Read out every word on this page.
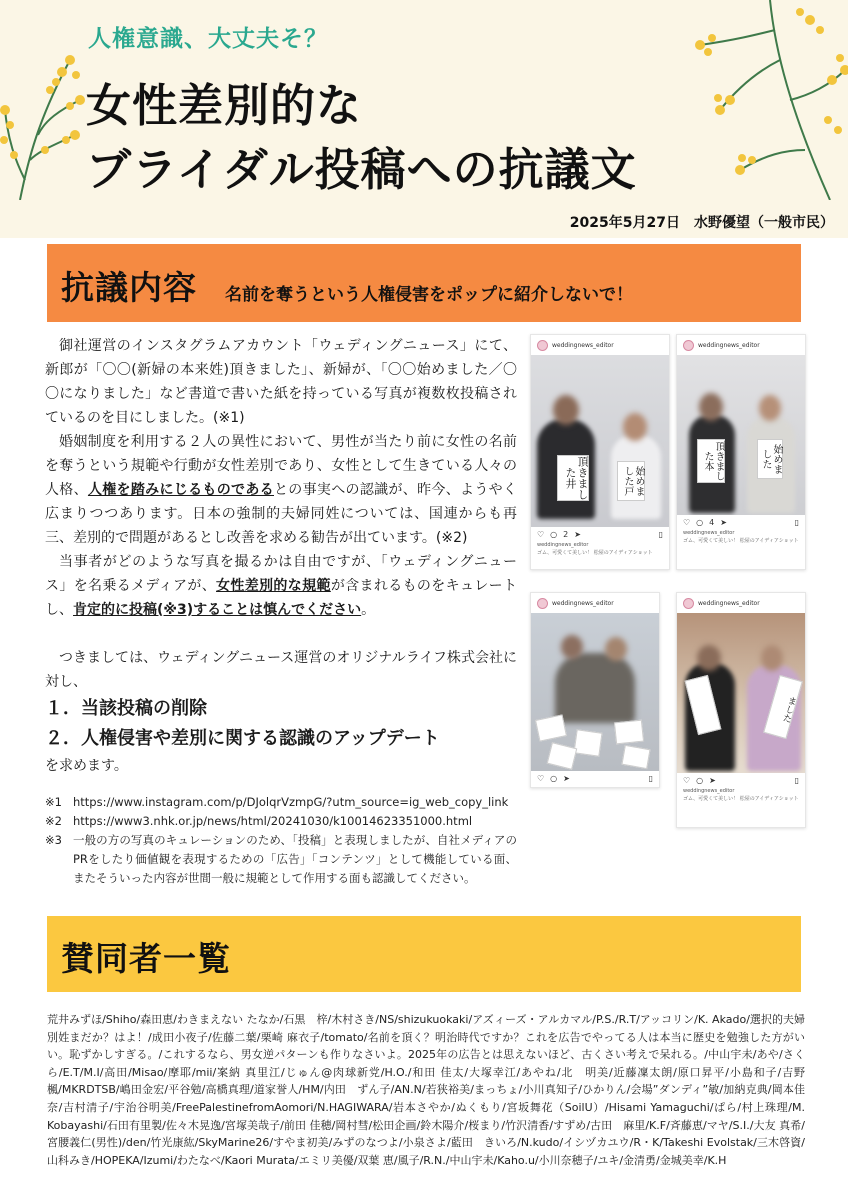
人権意識、大丈夫そ？
女性差別的な
ブライダル投稿への抗議文
2025年5月27日　水野優望（一般市民）
抗議内容 名前を奪うという人権侵害をポップに紹介しないで！

御社運営のインスタグラムアカウント「ウェディングニュース」にて、新郎が「〇〇(新婦の本来姓)頂きました」、新婦が、「〇〇始めました／〇〇になりました」など書道で書いた紙を持っている写真が複数枚投稿されているのを目にしました。(※1)

婚姻制度を利用する２人の異性において、男性が当たり前に女性の名前を奪うという規範や行動が女性差別であり、女性として生きている人々の人格、人権を踏みにじるものであるとの事実への認識が、昨今、ようやく広まりつつあります。日本の強制的夫婦同姓については、国連からも再三、差別的で問題があるとし改善を求める勧告が出ています。(※2)

当事者がどのような写真を撮るかは自由ですが、「ウェディングニュース」を名乗るメディアが、女性差別的な規範が含まれるものをキュレートし、肯定的に投稿(※3)することは慎んでください。

つきましては、ウェディングニュース運営のオリジナルライフ株式会社に対し、

１．当該投稿の削除

２．人権侵害や差別に関する認識のアップデート

を求めます。

※1 https://www.instagram.com/p/DJolqrVzmpG/?utm_source=ig_web_copy_link
※2 https://www3.nhk.or.jp/news/html/20241030/k10014623351000.html
※3 一般の方の写真のキュレーションのため、「投稿」と表現しましたが、自社メディアのPRをしたり価値観を表現するための「広告」「コンテンツ」として機能している面、またそういった内容が世間一般に規範として作用する面も認識してください。
weddingnews_editor
頂きました井	始めました戸
♡ ○ 2 ➤	▯
weddingnews_editor
ゴム、可愛くて美しい！ 松屋のアイディアショット
weddingnews_editor
頂きました本	始めました
♡ ○ 4 ➤	▯
weddingnews_editor
ゴム、可愛くて美しい！ 松屋のアイディアショット
weddingnews_editor
♡ ○ ➤	▯
weddingnews_editor
ました
♡ ○ ➤	▯
weddingnews_editor
ゴム、可愛くて美しい！ 松屋のアイディアショット
賛同者一覧
荒井みずほ/Shiho/森田恵/わきまえない たなか/石黒　梓/木村さき/NS/shizukuokaki/アズィーズ・アルカマル/P.S./R.T/アッコリン/K. Akado/選択的夫婦別姓まだか？はよ！/成田小夜子/佐藤二葉/栗崎 麻衣子/tomato/名前を頂く？明治時代ですか？これを広告でやってる人は本当に歴史を勉強した方がいい。恥ずかしすぎる。/これするなら、男女逆パターンも作りなさいよ。2025年の広告とは思えないほど、古くさい考えで呆れる。/中山宇未/あや/さくら/E.T/M.I/高田/Misao/摩耶/mii/案納 真里江/じゅん@肉球新党/H.O./和田 佳太/大塚幸江/あやね/北　明美/近藤凜太朗/原口昇平/小島和子/吉野 楓/MKRDTSB/嶋田金宏/平谷勉/高橋真理/道家誉人/HM/内田　ずん子/AN.N/若狭裕美/まっちょ/小川真知子/ひかりん/会場”ダンディ”敏/加納克典/岡本佳奈/吉村清子/宇治谷明美/FreePalestinefromAomori/N.HAGIWARA/岩本さやか/ぬくもり/宮坂舞花（SoilU）/Hisami Yamaguchi/ぱら/村上珠理/M. Kobayashi/石田有里製/佐々木晃逸/宮塚美哉子/前田 佳穂/岡村彗/松田企画/鈴木陽介/桜まり/竹沢清香/すずめ/古田　麻里/K.F/斉藤恵/マヤ/S.I./大友 真希/宮腰義仁(男性)/den/竹光康紘/SkyMarine26/すやま初美/みずのなつよ/小泉さよ/藍田　きいろ/N.kudo/イシヅカユウ/R・K/Takeshi Evolstak/三木啓資/山科みき/HOPEKA/Izumi/わたなべ/Kaori Murata/エミリ美優/双葉 恵/風子/R.N./中山宇未/Kaho.u/小川奈穂子/ユキ/金清勇/金城美幸/K.H
